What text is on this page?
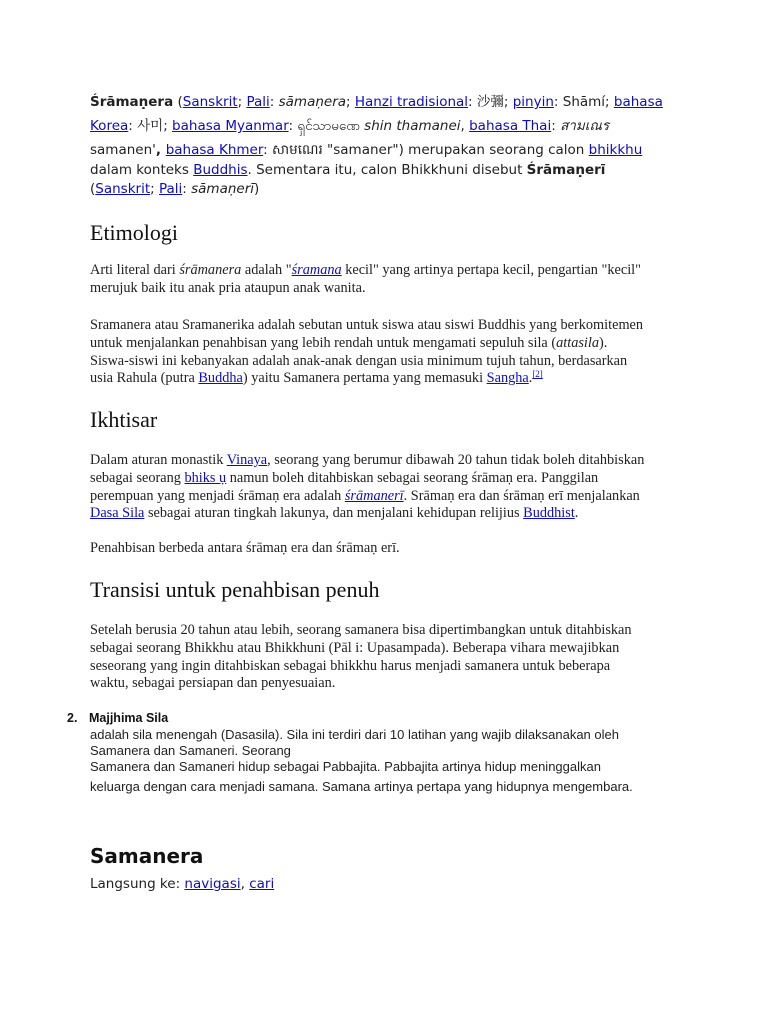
Śrāmaṇera (Sanskrit; Pali: sāmaṇera; Hanzi tradisional: 沙彌; pinyin: Shāmí; bahasa
Korea: 사미; bahasa Myanmar: ရှင်သာမဏေ shin thamanei, bahasa Thai: สามเณร
samanen', bahasa Khmer: សាមណេរ "samaner") merupakan seorang calon bhikkhu
dalam konteks Buddhis. Sementara itu, calon Bhikkhuni disebut Śrāmaṇerī
(Sanskrit; Pali: sāmaṇerī)
Etimologi
Arti literal dari śrāmanera adalah "śramana kecil" yang artinya pertapa kecil, pengartian "kecil"
merujuk baik itu anak pria ataupun anak wanita.
Sramanera atau Sramanerika adalah sebutan untuk siswa atau siswi Buddhis yang berkomitemen
untuk menjalankan penahbisan yang lebih rendah untuk mengamati sepuluh sila (attasila).
Siswa-siswi ini kebanyakan adalah anak-anak dengan usia minimum tujuh tahun, berdasarkan
usia Rahula (putra Buddha) yaitu Samanera pertama yang memasuki Sangha.[2]
Ikhtisar
Dalam aturan monastik Vinaya, seorang yang berumur dibawah 20 tahun tidak boleh ditahbiskan
sebagai seorang bhiks ụ namun boleh ditahbiskan sebagai seorang śrāmaṇ era. Panggilan
perempuan yang menjadi śrāmaṇ era adalah śrāmanerī. Srāmaṇ era dan śrāmaṇ erī menjalankan
Dasa Sila sebagai aturan tingkah lakunya, dan menjalani kehidupan relijius Buddhist.
Penahbisan berbeda antara śrāmaṇ era dan śrāmaṇ erī.
Transisi untuk penahbisan penuh
Setelah berusia 20 tahun atau lebih, seorang samanera bisa dipertimbangkan untuk ditahbiskan
sebagai seorang Bhikkhu atau Bhikkhuni (Pāl i: Upasampada). Beberapa vihara mewajibkan
seseorang yang ingin ditahbiskan sebagai bhikkhu harus menjadi samanera untuk beberapa
waktu, sebagai persiapan dan penyesuaian.
2. Majjhima Sila
adalah sila menengah (Dasasila). Sila ini terdiri dari 10 latihan yang wajib dilaksanakan oleh
Samanera dan Samaneri. Seorang
Samanera dan Samaneri hidup sebagai Pabbajita. Pabbajita artinya hidup meninggalkan
keluarga dengan cara menjadi samana. Samana artinya pertapa yang hidupnya mengembara.
Samanera
Langsung ke: navigasi, cari
